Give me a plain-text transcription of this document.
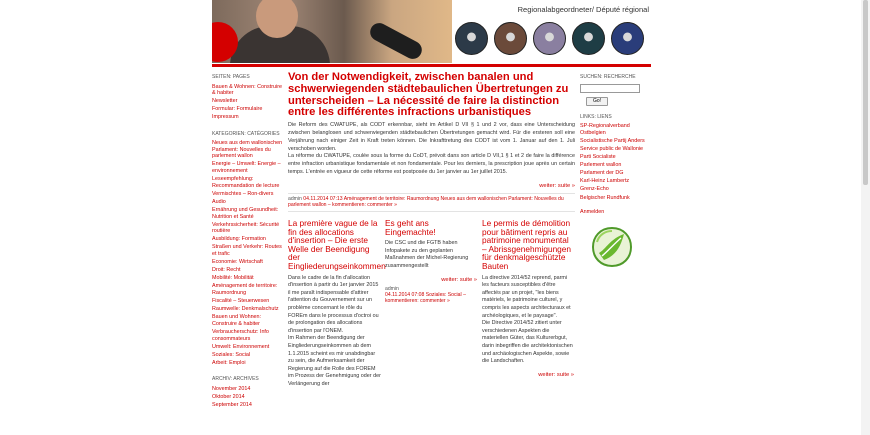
Regionalabgeordneter/ Député régional
SEITEN: PAGES
Bauen & Wohnen: Construire & habiter
Newsletter
Formular: Formulaire
Impressum
KATEGORIEN: CATÉGORIES
Neues aus dem wallonischen Parlament: Nouvelles du parlement wallon
Energie – Umwelt: Energie – environnement
Leseempfehlung: Recommandation de lecture
Vermischtes – Ron-divers
Audio
Ernährung und Gesundheit: Nutrition et Santé
Verkehrssicherheit: Sécurité routière
Ausbildung: Formation
Straßen und Verkehr: Routes et trafic
Economie: Wirtschaft
Droit: Recht
Mobilité: Mobilität
Aménagement de territoire: Raumordnung
Fiscalité – Steuerwesen
Raumwelle: Denkmalschutz
Bauen und Wohnen: Construire & habiter
Verbraucherschutz: Info consommateurs
Umwelt: Environnement
Soziales: Social
Arbeit: Emploi
ARCHIV: ARCHIVES
November 2014
Oktober 2014
September 2014
Von der Notwendigkeit, zwischen banalen und schwerwiegenden städtebaulichen Übertretungen zu unterscheiden – La nécessité de faire la distinction entre les différentes infractions urbanistiques

Die Reform des CWATUPE, als CODT erkennbar, sieht im Artikel D VII § 1 und 2 vor, dass eine Unterscheidung zwischen belanglosen und schwerwiegenden städtebaulichen Übertretungen gemacht wird. Für die ersteren soll eine Verjährung nach einiger Zeit in Kraft treten können. Die Inkrafttretung des CODT ist vom 1. Januar auf den 1. Juli verschoben worden.

La réforme du CWATUPE, coulée sous la forme du CoDT, prévoit dans son article D VII,1 § 1 et 2 de faire la différence entre infraction urbanistique fondamentale et non fondamentale. Pour les derniers, la prescription joue après un certain temps. L'entrée en vigueur de cette réforme est postposée du 1er janvier au 1er juillet 2015.

weiter: suite »
admin 04.11.2014 07:13 Aménagement de territoire: Raumordnung Neues aus dem wallonischen Parlament: Nouvelles du parlement wallon – kommentieren: commenter »
La première vague de la fin des allocations d'insertion – Die erste Welle der Beendigung der Eingliederungseinkommen
Dans le cadre de la fin d'allocation d'insertion à partir du 1er janvier 2015 il me paraît indispensable d'attirer l'attention du Gouvernement sur un problème concernant le rôle du FOREm dans le processus d'octroi ou de prolongation des allocations d'insertion par l'ONEM.
Im Rahmen der Beendigung der Eingliederungseinkommen ab dem 1.1.2015 scheint es mir unabdingbar zu sein, die Aufmerksamkeit der Regierung auf die Rolle des FOREM im Prozess der Genehmigung oder der Verlängerung der
Es geht ans Eingemachte!
Die CSC und die FGTB haben Infopakete zu den geplanten Maßnahmen der Michel-Regierung zusammengestellt
weiter: suite »
admin
04.11.2014 07:08 Soziales: Social – kommentieren: commenter »
Le permis de démolition pour bâtiment repris au patrimoine monumental – Abrissgenehmigungen für denkmalgeschützte Bauten
La directive 2014/52 reprend, parmi les facteurs susceptibles d'être affectés par un projet, "les biens matériels, le patrimoine culturel, y compris les aspects architecturaux et archéologiques, et le paysage".
Die Directive 2014/52 zitiert unter verschiedenen Aspekten die materiellen Güter, das Kulturerbgut, darin inbegriffen die architektonischen und archäologischen Aspekte, sowie die Landschaften.
weiter: suite »
SUCHEN: RECHERCHE
Go!
LINKS: LIENS
SP-Regionalverband Ostbelgien
Socialistische Partij Anders
Service public de Wallonie
Parti Socialiste
Parlement wallon
Parlament der DG
Karl-Heinz Lambertz
Grenz-Echo
Belgischer Rundfunk
Anmelden
